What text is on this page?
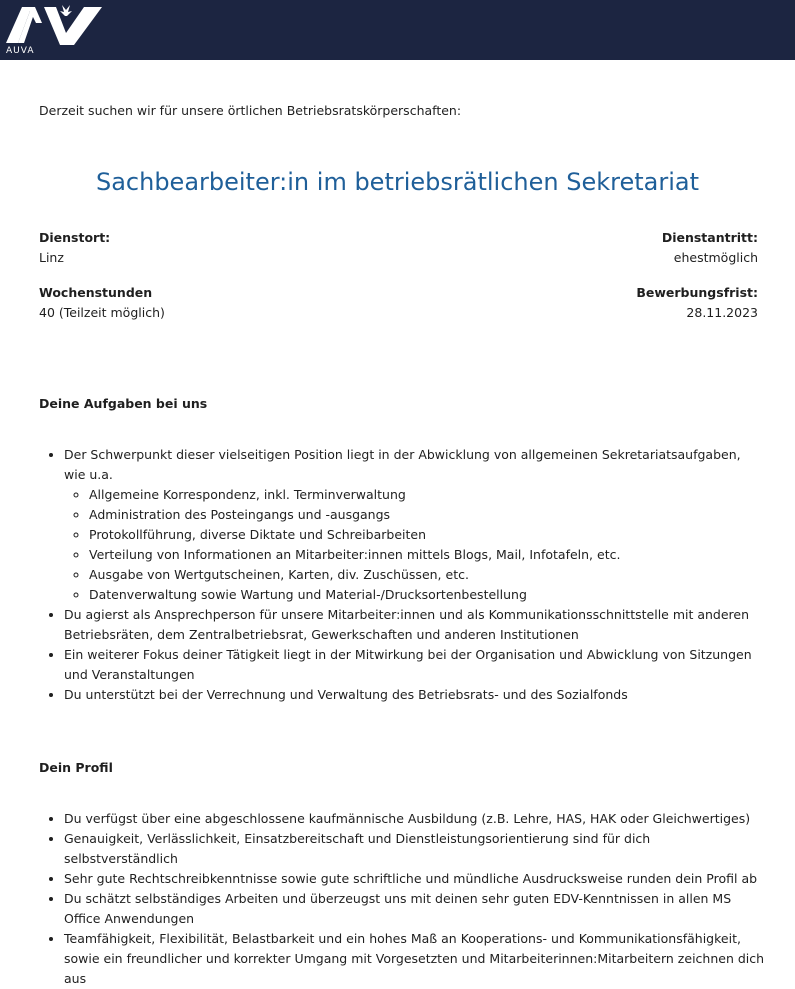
AUVA

Derzeit suchen wir für unsere örtlichen Betriebsratskörperschaften:

Sachbearbeiter:in im betriebsrätlichen Sekretariat
Dienstort:
Linz
Dienstantritt:
ehestmöglich
Wochenstunden
40 (Teilzeit möglich)
Bewerbungsfrist:
28.11.2023
Deine Aufgaben bei uns
• Der Schwerpunkt dieser vielseitigen Position liegt in der Abwicklung von allgemeinen Sekretariatsaufgaben, wie u.a.
◦ Allgemeine Korrespondenz, inkl. Terminverwaltung
◦ Administration des Posteingangs und -ausgangs
◦ Protokollführung, diverse Diktate und Schreibarbeiten
◦ Verteilung von Informationen an Mitarbeiter:innen mittels Blogs, Mail, Infotafeln, etc.
◦ Ausgabe von Wertgutscheinen, Karten, div. Zuschüssen, etc.
◦ Datenverwaltung sowie Wartung und Material-/Drucksortenbestellung
• Du agierst als Ansprechperson für unsere Mitarbeiter:innen und als Kommunikationsschnittstelle mit anderen Betriebsräten, dem Zentralbetriebsrat, Gewerkschaften und anderen Institutionen
• Ein weiterer Fokus deiner Tätigkeit liegt in der Mitwirkung bei der Organisation und Abwicklung von Sitzungen und Veranstaltungen
• Du unterstützt bei der Verrechnung und Verwaltung des Betriebsrats- und des Sozialfonds
Dein Profil
• Du verfügst über eine abgeschlossene kaufmännische Ausbildung (z.B. Lehre, HAS, HAK oder Gleichwertiges)
• Genauigkeit, Verlässlichkeit, Einsatzbereitschaft und Dienstleistungsorientierung sind für dich selbstverständlich
• Sehr gute Rechtschreibkenntnisse sowie gute schriftliche und mündliche Ausdrucksweise runden dein Profil ab
• Du schätzt selbständiges Arbeiten und überzeugst uns mit deinen sehr guten EDV-Kenntnissen in allen MS Office Anwendungen
• Teamfähigkeit, Flexibilität, Belastbarkeit und ein hohes Maß an Kooperations- und Kommunikationsfähigkeit, sowie ein freundlicher und korrekter Umgang mit Vorgesetzten und Mitarbeiterinnen:Mitarbeitern zeichnen dich aus
